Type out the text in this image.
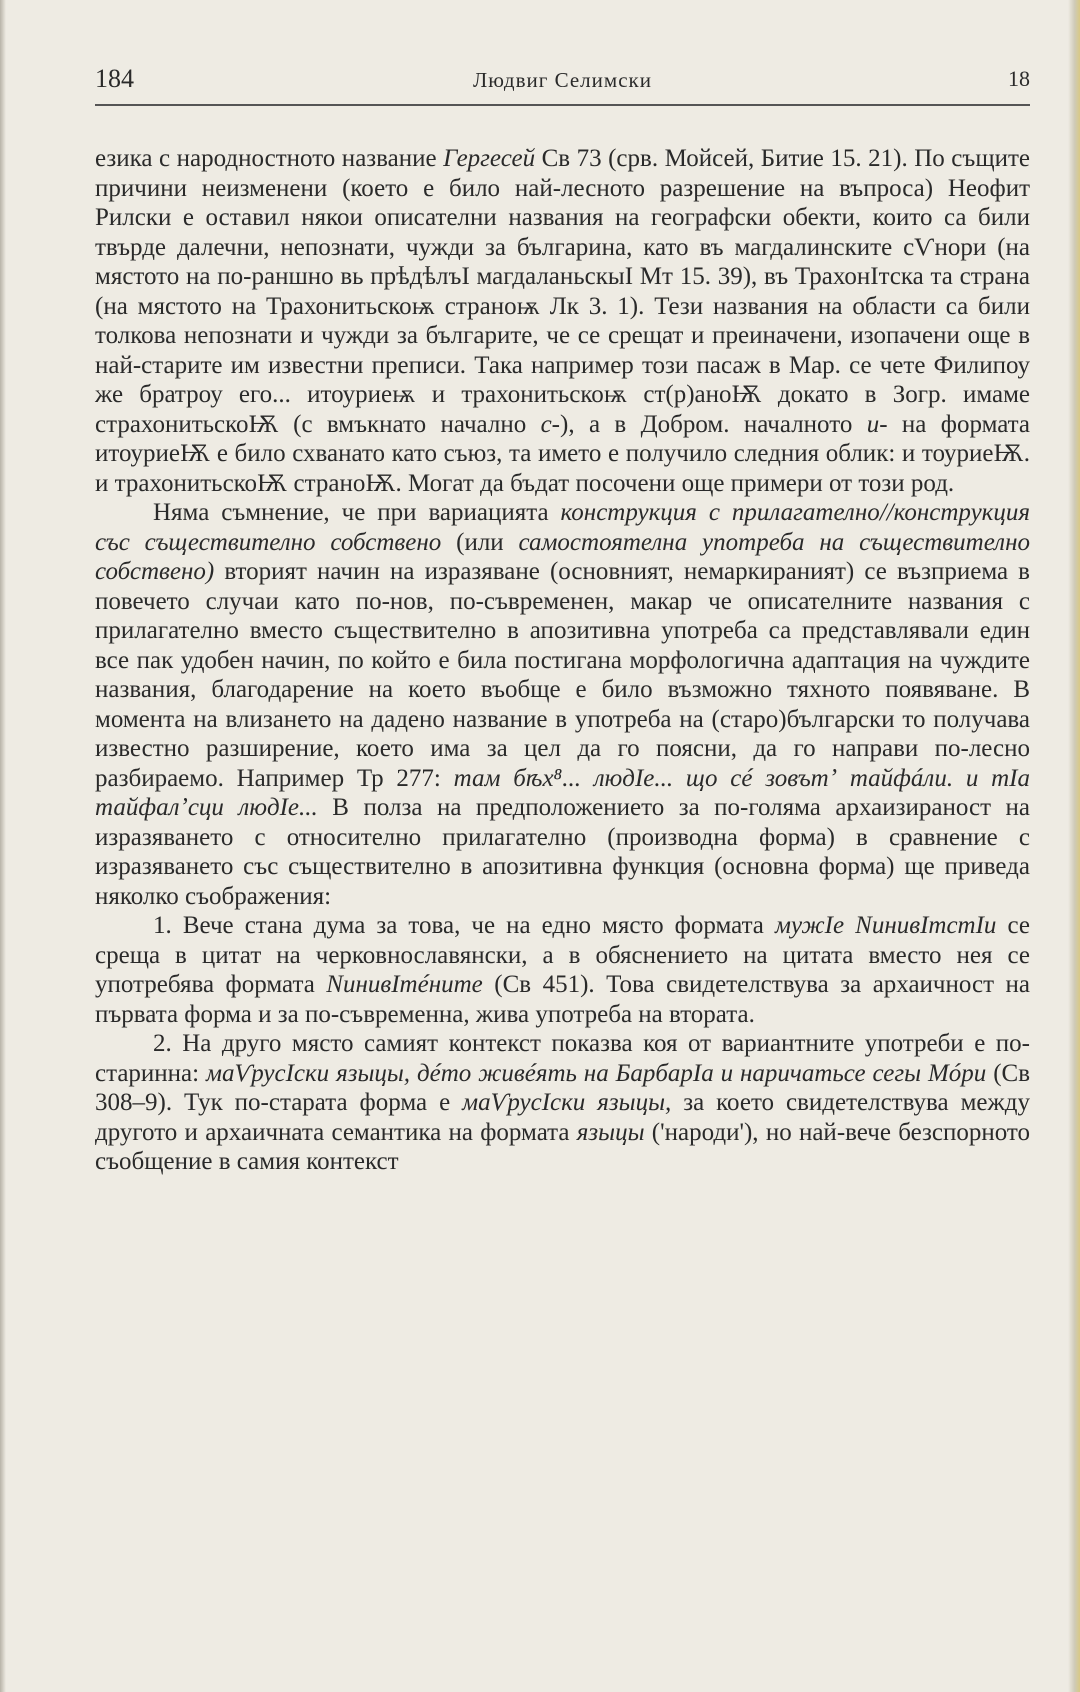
184	Людвиг Селимски	18

езика с народностното название Гергесей Св 73 (срв. Мойсей, Битие 15. 21). По същите причини неизменени (което е било най-лесното разрешение на въпроса) Неофит Рилски е оставил някои описателни названия на географски обекти, които са били твърде далечни, непознати, чужди за българина, като въ магдалинските сѴнори (на мястото на по-раншно вь прѣдѣлъІ магдаланьскыІ Мт 15. 39), въ ТрахонІтска та страна (на мястото на Трахонитьскоѭ страноѭ Лк 3. 1). Тези названия на области са били толкова непознати и чужди за българите, че се срещат и преиначени, изопачени още в най-старите им известни преписи. Така например този пасаж в Мар. се чете Филипоу же братроу его... итоуриеѭ и трахонитьскоѭ ст(р)аноѬ докато в Зогр. имаме страхонитьскоѬ (с вмъкнато начално с-), а в Добром. началното и- на формата итоуриеѬ е било схванато като съюз, та името е получило следния облик: и тоуриеѬ. и трахонитьскоѬ страноѬ. Могат да бъдат посочени още примери от този род.

Няма съмнение, че при вариацията конструкция с прилагателно//конструкция със съществително собствено (или самостоятелна употреба на съществително собствено) вторият начин на изразяване (основният, немаркираният) се възприема в повечето случаи като по-нов, по-съвременен, макар че описателните названия с прилагателно вместо съществително в апозитивна употреба са представлявали един все пак удобен начин, по който е била постигана морфологична адаптация на чуждите названия, благодарение на което въобще е било възможно тяхното появяване. В момента на влизането на дадено название в употреба на (старо)български то получава известно разширение, което има за цел да го поясни, да го направи по-лесно разбираемо. Например Тр 277: там бѣх⁸... людІе... що сé зовътʼ тайфáли. и тІа тайфалʼсци людІе... В полза на предположението за по-голяма архаизираност на изразяването с относително прилагателно (производна форма) в сравнение с изразяването със съществително в апозитивна функция (основна форма) ще приведа няколко съображения:

1. Вече стана дума за това, че на едно място формата мужІе NинивІтстІи се среща в цитат на черковнославянски, а в обяснението на цитата вместо нея се употребява формата NинивІтéните (Св 451). Това свидетелствува за архаичност на първата форма и за по-съвременна, жива употреба на втората.

2. На друго място самият контекст показва коя от вариантните употреби е по-старинна: маѴрусІски языцы, дéто живéять на БарбарІа и наричатьсе сегы Мóри (Св 308–9). Тук по-старата форма е маѴрусІски языцы, за което свидетелствува между другото и архаичната семантика на формата языцы ('народи'), но най-вече безспорното съобщение в самия контекст
